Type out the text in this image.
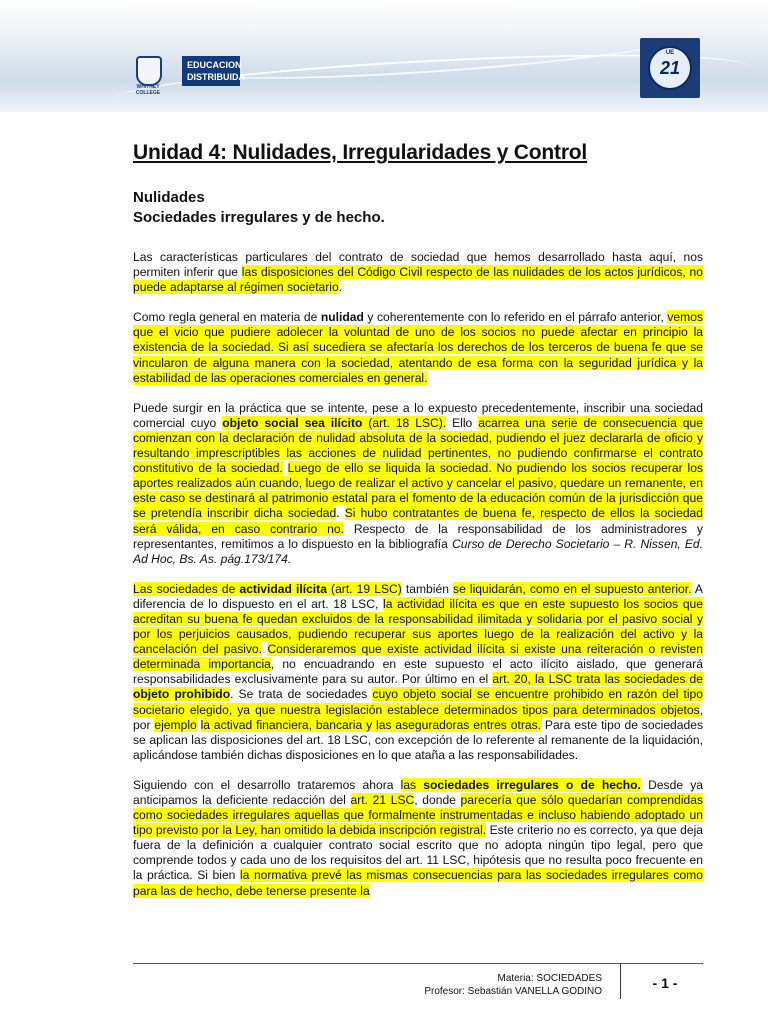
WHITNEY COLLEGE
EDUCACION
DISTRIBUIDA
UE
21
Unidad 4: Nulidades, Irregularidades y Control
Nulidades
Sociedades irregulares y de hecho.

Las características particulares del contrato de sociedad que hemos desarrollado hasta aquí, nos permiten inferir que las disposiciones del Código Civil respecto de las nulidades de los actos jurídicos, no puede adaptarse al régimen societario.

Como regla general en materia de nulidad y coherentemente con lo referido en el párrafo anterior, vemos que el vicio que pudiere adolecer la voluntad de uno de los socios no puede afectar en principio la existencia de la sociedad. Si así sucediera se afectaría los derechos de los terceros de buena fe que se vincularon de alguna manera con la sociedad, atentando de esa forma con la seguridad jurídica y la estabilidad de las operaciones comerciales en general.

Puede surgir en la práctica que se intente, pese a lo expuesto precedentemente, inscribir una sociedad comercial cuyo objeto social sea ilícito (art. 18 LSC). Ello acarrea una serie de consecuencia que comienzan con la declaración de nulidad absoluta de la sociedad, pudiendo el juez declararla de oficio y resultando imprescriptibles las acciones de nulidad pertinentes, no pudiendo confirmarse el contrato constitutivo de la sociedad. Luego de ello se liquida la sociedad. No pudiendo los socios recuperar los aportes realizados aún cuando, luego de realizar el activo y cancelar el pasivo, quedare un remanente, en este caso se destinará al patrimonio estatal para el fomento de la educación común de la jurisdicción que se pretendía inscribir dicha sociedad. Si hubo contratantes de buena fe, respecto de ellos la sociedad será válida, en caso contrario no. Respecto de la responsabilidad de los administradores y representantes, remitimos a lo dispuesto en la bibliografía Curso de Derecho Societario – R. Nissen, Ed. Ad Hoc, Bs. As. pág.173/174.

Las sociedades de actividad ilícita (art. 19 LSC) también se liquidarán, como en el supuesto anterior. A diferencia de lo dispuesto en el art. 18 LSC, la actividad ilícita es que en este supuesto los socios que acreditan su buena fe quedan excluidos de la responsabilidad ilimitada y solidaria por el pasivo social y por los perjuicios causados, pudiendo recuperar sus aportes luego de la realización del activo y la cancelación del pasivo. Consideraremos que existe actividad ilícita si existe una reiteración o revisten determinada importancia, no encuadrando en este supuesto el acto ilícito aislado, que generará responsabilidades exclusivamente para su autor. Por último en el art. 20, la LSC trata las sociedades de objeto prohibido. Se trata de sociedades cuyo objeto social se encuentre prohibido en razón del tipo societario elegido, ya que nuestra legislación establece determinados tipos para determinados objetos, por ejemplo la activad financiera, bancaria y las aseguradoras entres otras. Para este tipo de sociedades se aplican las disposiciones del art. 18 LSC, con excepción de lo referente al remanente de la liquidación, aplicándose también dichas disposiciones en lo que ataña a las responsabilidades.

Siguiendo con el desarrollo trataremos ahora las sociedades irregulares o de hecho. Desde ya anticipamos la deficiente redacción del art. 21 LSC, donde parecería que sólo quedarían comprendidas como sociedades irregulares aquellas que formalmente instrumentadas e incluso habiendo adoptado un tipo previsto por la Ley, han omitido la debida inscripción registral. Este criterio no es correcto, ya que deja fuera de la definición a cualquier contrato social escrito que no adopta ningún tipo legal, pero que comprende todos y cada uno de los requisitos del art. 11 LSC, hipótesis que no resulta poco frecuente en la práctica. Si bien la normativa prevé las mismas consecuencias para las sociedades irregulares como para las de hecho, debe tenerse presente la

Materia: SOCIEDADES
Profesor: Sebastián VANELLA GODINO
- 1 -
